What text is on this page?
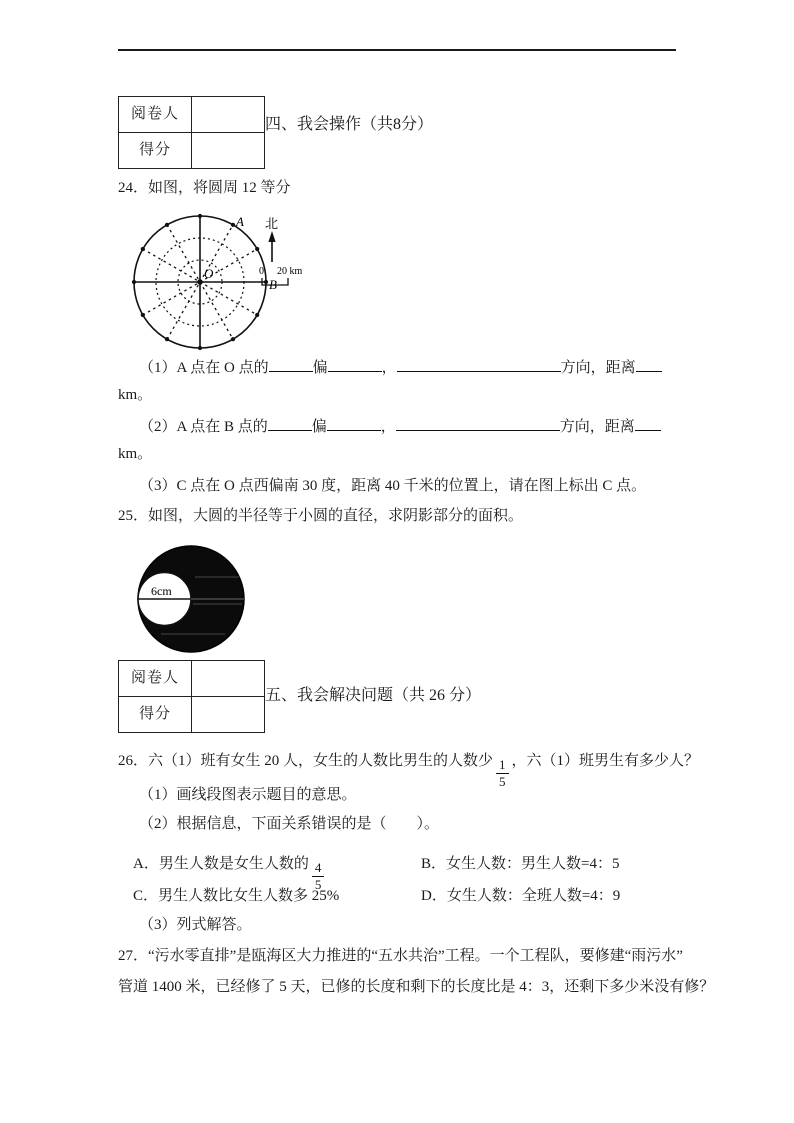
阅卷人
得分
四、我会操作（共8分）
24．如图，将圆周 12 等分
O
A
B
北
0 20 km
（1）A 点在 O 点的	偏	，	方向，距离
km。
（2）A 点在 B 点的	偏	，	方向，距离
km。
（3）C 点在 O 点西偏南 30 度，距离 40 千米的位置上，请在图上标出 C 点。
25．如图，大圆的半径等于小圆的直径，求阴影部分的面积。
6cm
阅卷人
得分
五、我会解决问题（共 26 分）
26．六（1）班有女生 20 人，女生的人数比男生的人数少 $\frac{1}{5}$ ，六（1）班男生有多少人？
（1）画线段图表示题目的意思。
（2）根据信息，下面关系错误的是（　　）。
A．男生人数是女生人数的 $\frac{4}{5}$	B．女生人数：男生人数=4：5
C．男生人数比女生人数多 25%	D．女生人数：全班人数=4：9
（3）列式解答。
27．“污水零直排”是瓯海区大力推进的“五水共治”工程。一个工程队，要修建“雨污水”
管道 1400 米，已经修了 5 天，已修的长度和剩下的长度比是 4：3，还剩下多少米没有修？
